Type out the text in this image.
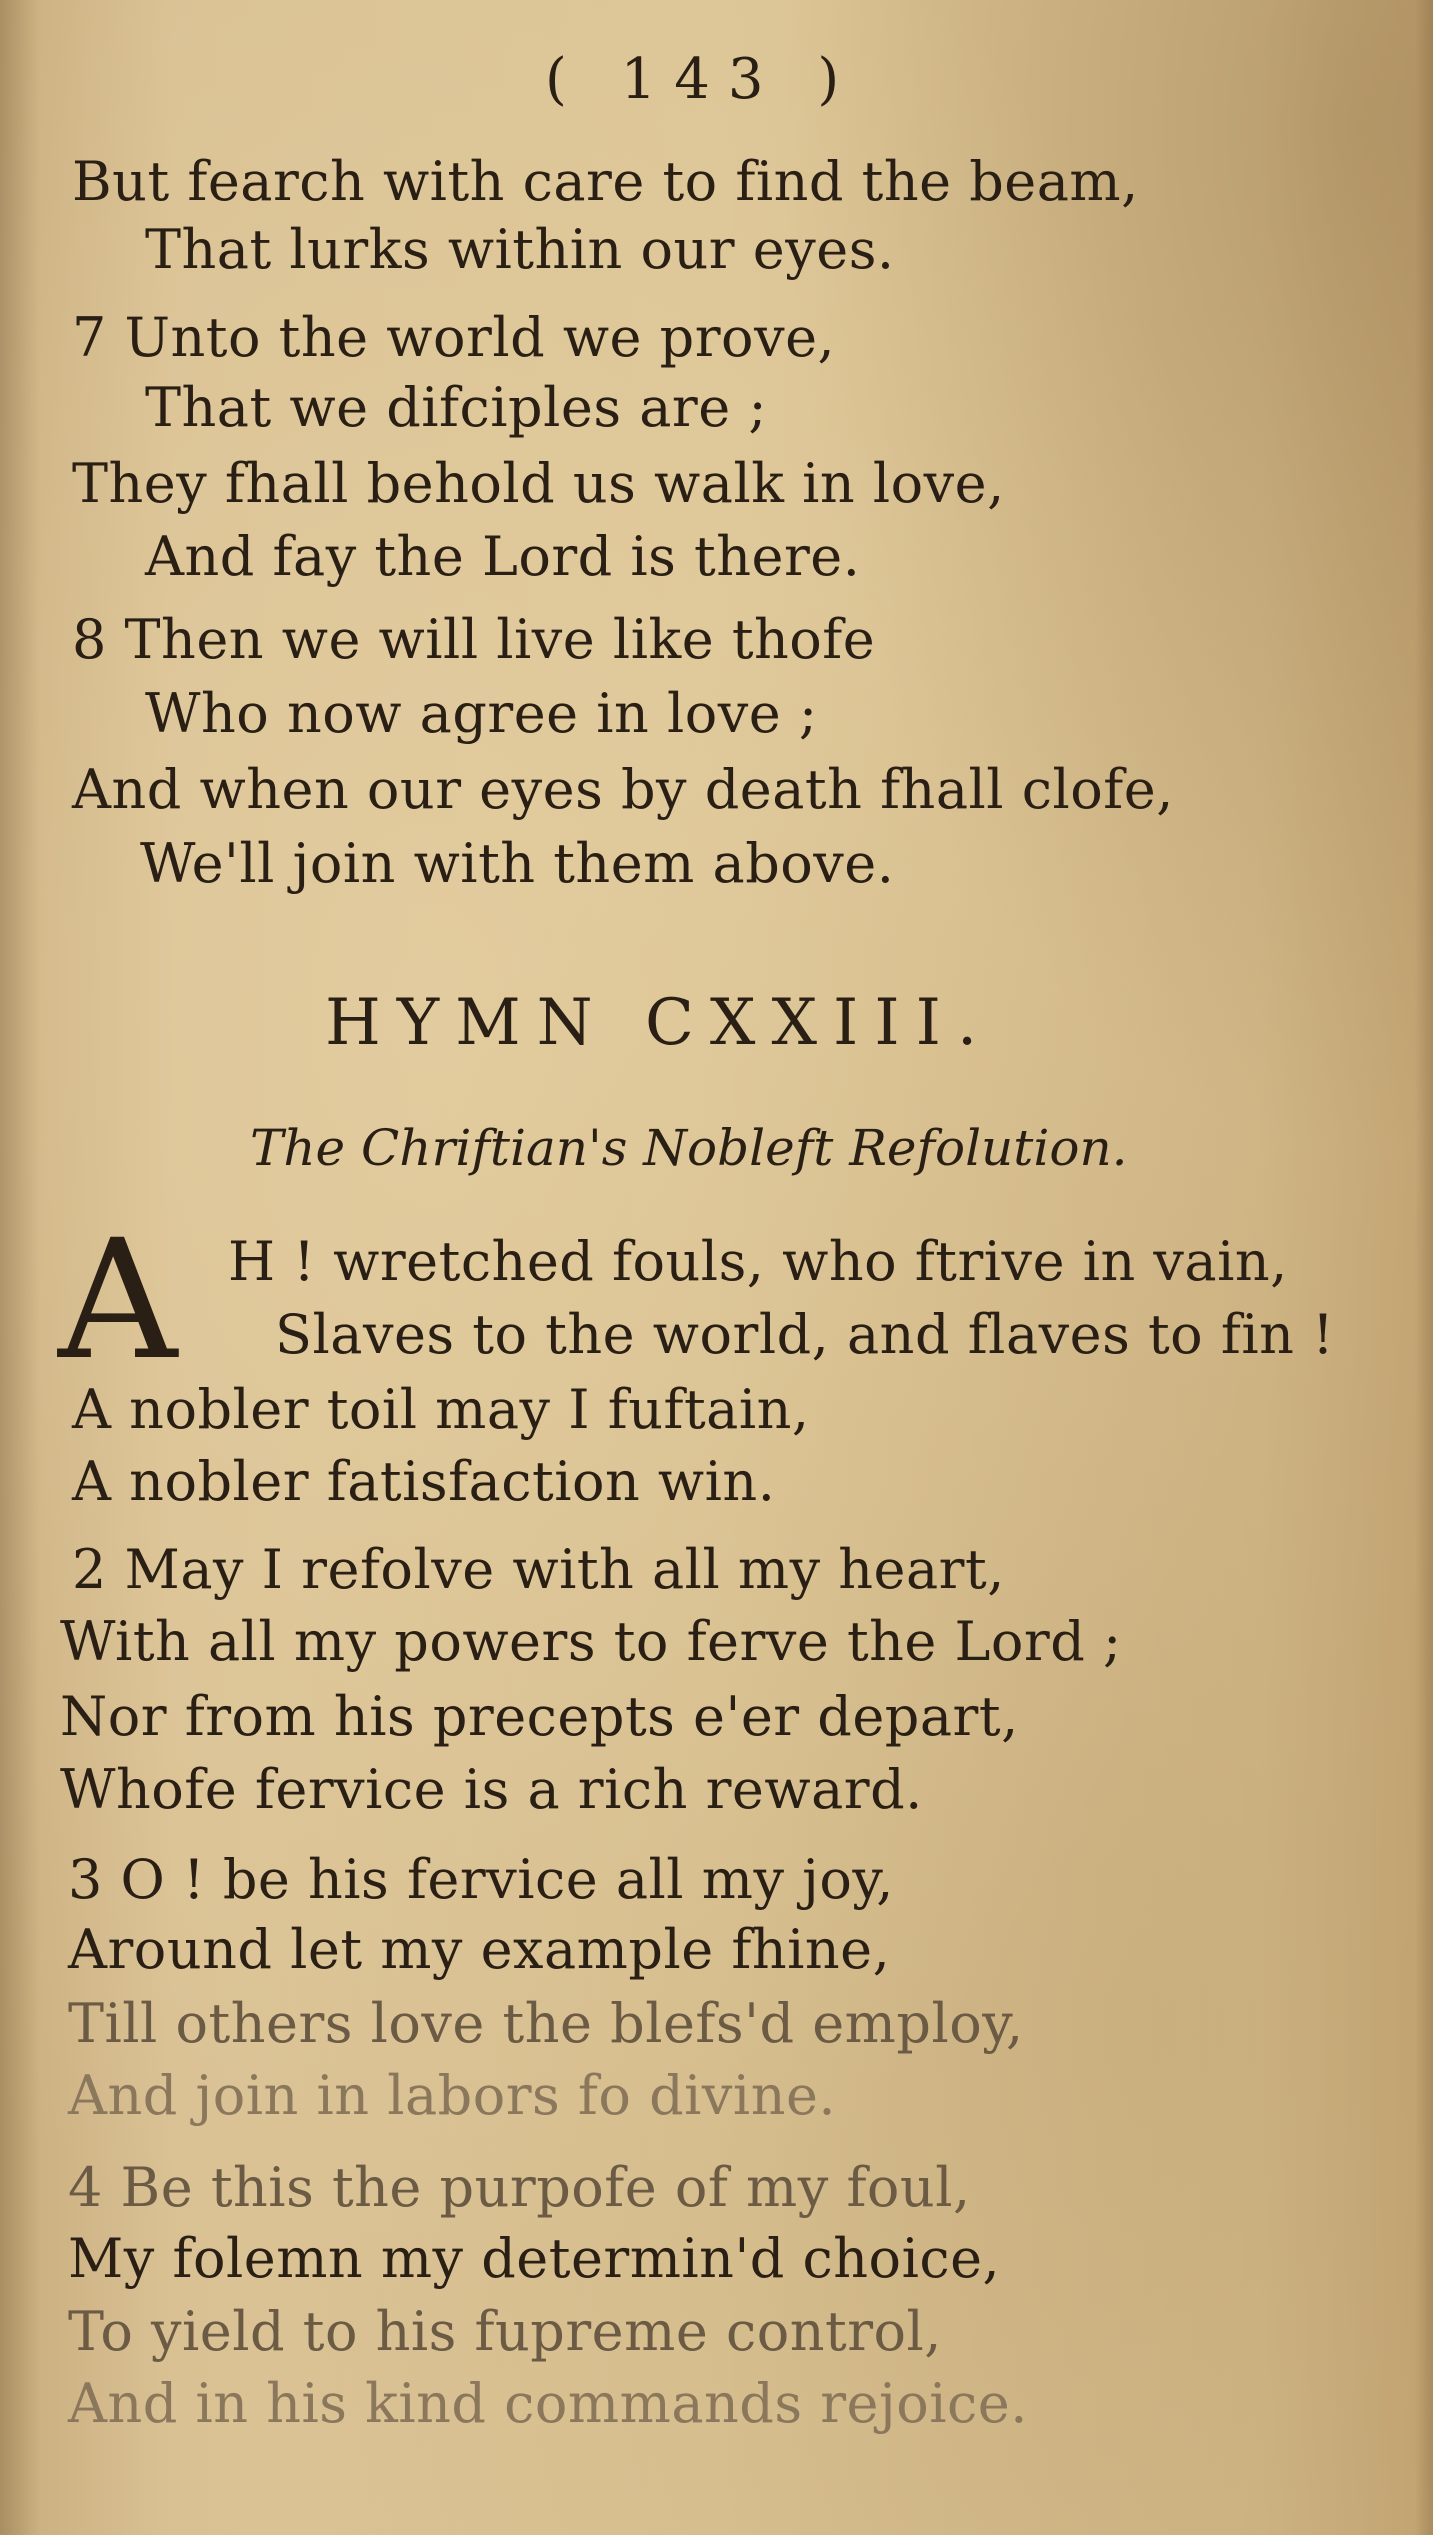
( 143 )
But fearch with care to find the beam,
That lurks within our eyes.
7 Unto the world we prove,
That we difciples are ;
They fhall behold us walk in love,
And fay the Lord is there.
8 Then we will live like thofe
Who now agree in love ;
And when our eyes by death fhall clofe,
We'll join with them above.
HYMN CXXIII.
The Chriftian's Nobleft Refolution.
A H ! wretched fouls, who ftrive in vain,
Slaves to the world, and flaves to fin !
A nobler toil may I fuftain,
A nobler fatisfaction win.
2 May I refolve with all my heart,
With all my powers to ferve the Lord ;
Nor from his precepts e'er depart,
Whofe fervice is a rich reward.
3 O ! be his fervice all my joy,
Around let my example fhine,
Till others love the blefs'd employ,
And join in labors fo divine.
4 Be this the purpofe of my foul,
My folemn my determin'd choice,
To yield to his fupreme control,
And in his kind commands rejoice.
